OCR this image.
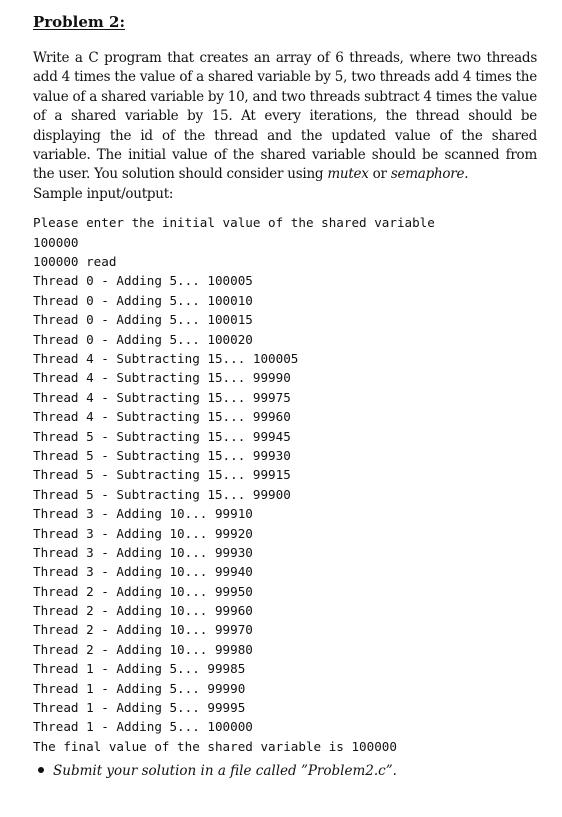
Problem 2:

Write a C program that creates an array of 6 threads, where two threads add 4 times the value of a shared variable by 5, two threads add 4 times the value of a shared variable by 10, and two threads subtract 4 times the value of a shared variable by 15. At every iterations, the thread should be displaying the id of the thread and the updated value of the shared variable. The initial value of the shared variable should be scanned from the user. You solution should consider using mutex or semaphore.

Sample input/output:

Please enter the initial value of the shared variable
100000
100000 read
Thread 0 - Adding 5... 100005
Thread 0 - Adding 5... 100010
Thread 0 - Adding 5... 100015
Thread 0 - Adding 5... 100020
Thread 4 - Subtracting 15... 100005
Thread 4 - Subtracting 15... 99990
Thread 4 - Subtracting 15... 99975
Thread 4 - Subtracting 15... 99960
Thread 5 - Subtracting 15... 99945
Thread 5 - Subtracting 15... 99930
Thread 5 - Subtracting 15... 99915
Thread 5 - Subtracting 15... 99900
Thread 3 - Adding 10... 99910
Thread 3 - Adding 10... 99920
Thread 3 - Adding 10... 99930
Thread 3 - Adding 10... 99940
Thread 2 - Adding 10... 99950
Thread 2 - Adding 10... 99960
Thread 2 - Adding 10... 99970
Thread 2 - Adding 10... 99980
Thread 1 - Adding 5... 99985
Thread 1 - Adding 5... 99990
Thread 1 - Adding 5... 99995
Thread 1 - Adding 5... 100000
The final value of the shared variable is 100000
Submit your solution in a file called ”Problem2.c”.
